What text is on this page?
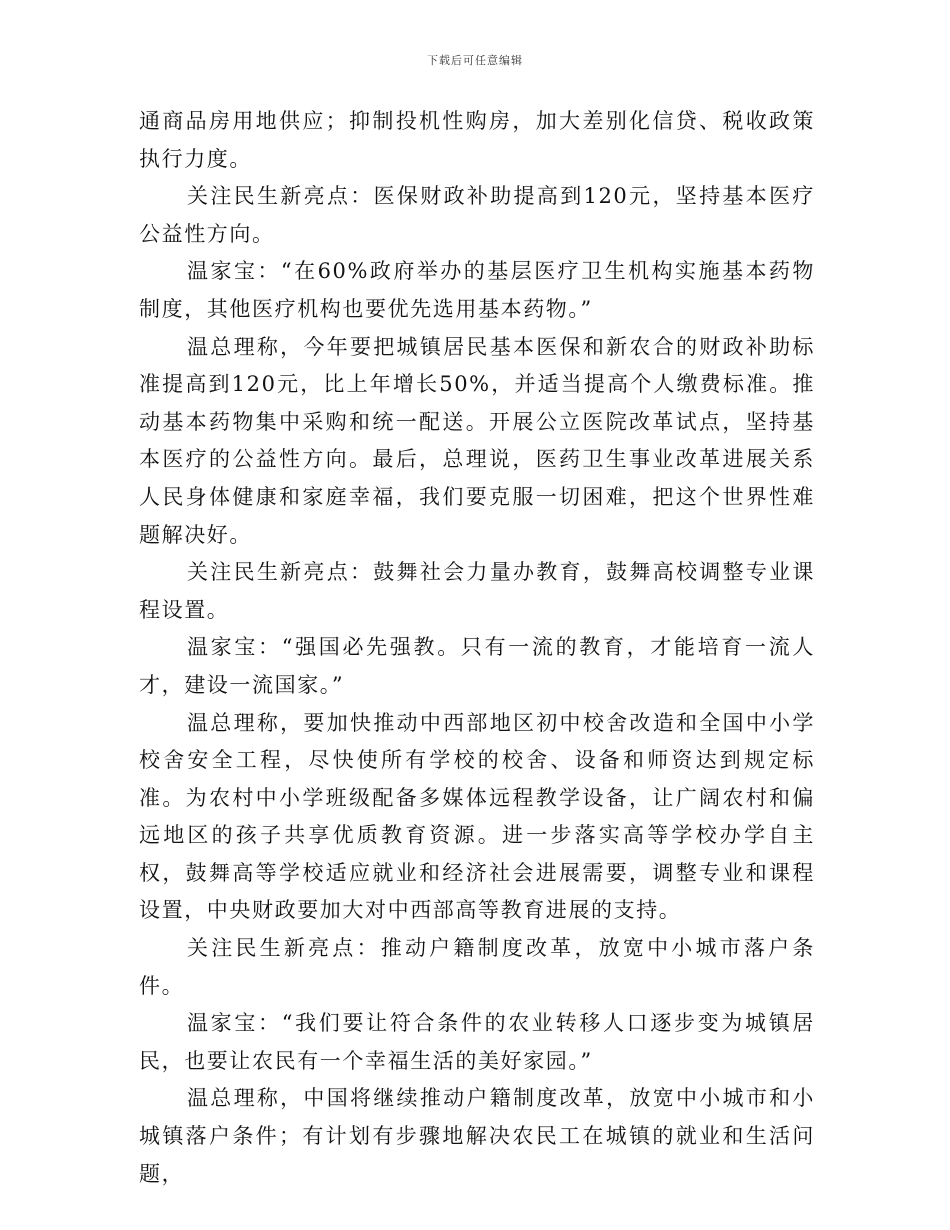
下载后可任意编辑

通商品房用地供应；抑制投机性购房，加大差别化信贷、税收政策执行力度。

关注民生新亮点：医保财政补助提高到120元，坚持基本医疗公益性方向。

温家宝：“在60%政府举办的基层医疗卫生机构实施基本药物制度，其他医疗机构也要优先选用基本药物。”

温总理称，今年要把城镇居民基本医保和新农合的财政补助标准提高到120元，比上年增长50%，并适当提高个人缴费标准。推动基本药物集中采购和统一配送。开展公立医院改革试点，坚持基本医疗的公益性方向。最后，总理说，医药卫生事业改革进展关系人民身体健康和家庭幸福，我们要克服一切困难，把这个世界性难题解决好。

关注民生新亮点：鼓舞社会力量办教育，鼓舞高校调整专业课程设置。

温家宝：“强国必先强教。只有一流的教育，才能培育一流人才，建设一流国家。”

温总理称，要加快推动中西部地区初中校舍改造和全国中小学校舍安全工程，尽快使所有学校的校舍、设备和师资达到规定标准。为农村中小学班级配备多媒体远程教学设备，让广阔农村和偏远地区的孩子共享优质教育资源。进一步落实高等学校办学自主权，鼓舞高等学校适应就业和经济社会进展需要，调整专业和课程设置，中央财政要加大对中西部高等教育进展的支持。

关注民生新亮点：推动户籍制度改革，放宽中小城市落户条件。

温家宝：“我们要让符合条件的农业转移人口逐步变为城镇居民，也要让农民有一个幸福生活的美好家园。”

温总理称，中国将继续推动户籍制度改革，放宽中小城市和小城镇落户条件；有计划有步骤地解决农民工在城镇的就业和生活问题，
